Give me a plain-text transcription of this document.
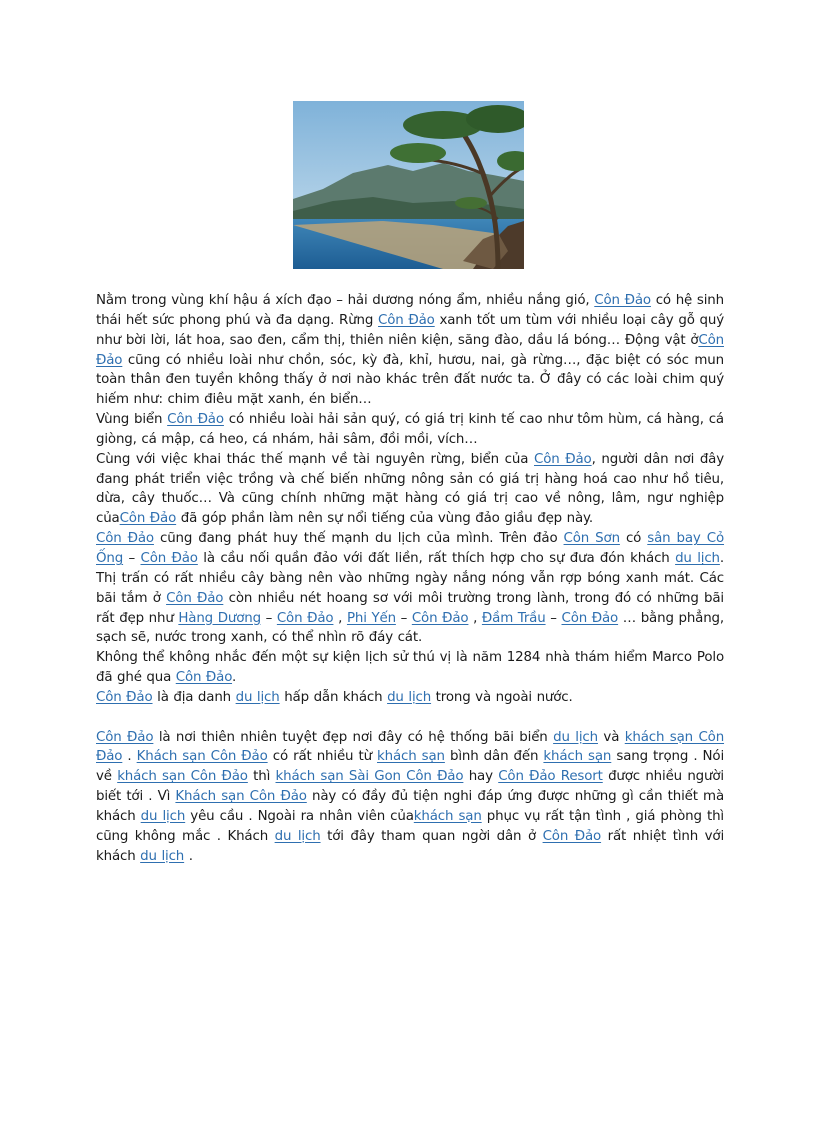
Nằm trong vùng khí hậu á xích đạo – hải dương nóng ẩm, nhiều nắng gió, Côn Đảo có hệ sinh thái hết sức phong phú và đa dạng. Rừng Côn Đảo xanh tốt um tùm với nhiều loại cây gỗ quý như bời lời, lát hoa, sao đen, cẩm thị, thiên niên kiện, săng đào, dầu lá bóng… Động vật ởCôn Đảo cũng có nhiều loài như chồn, sóc, kỳ đà, khỉ, hươu, nai, gà rừng…, đặc biệt có sóc mun toàn thân đen tuyền không thấy ở nơi nào khác trên đất nước ta. Ở đây có các loài chim quý hiếm như: chim điêu mặt xanh, én biển…

Vùng biển Côn Đảo có nhiều loài hải sản quý, có giá trị kinh tế cao như tôm hùm, cá hàng, cá giòng, cá mập, cá heo, cá nhám, hải sâm, đồi mồi, vích…

Cùng với việc khai thác thế mạnh về tài nguyên rừng, biển của Côn Đảo, người dân nơi đây đang phát triển việc trồng và chế biến những nông sản có giá trị hàng hoá cao như hồ tiêu, dừa, cây thuốc… Và cũng chính những mặt hàng có giá trị cao về nông, lâm, ngư nghiệp củaCôn Đảo đã góp phần làm nên sự nổi tiếng của vùng đảo giầu đẹp này.

Côn Đảo cũng đang phát huy thế mạnh du lịch của mình. Trên đảo Côn Sơn có sân bay Cỏ Ống – Côn Đảo là cầu nối quần đảo với đất liền, rất thích hợp cho sự đưa đón khách du lịch. Thị trấn có rất nhiều cây bàng nên vào những ngày nắng nóng vẫn rợp bóng xanh mát. Các bãi tắm ở Côn Đảo còn nhiều nét hoang sơ với môi trường trong lành, trong đó có những bãi rất đẹp như Hàng Dương – Côn Đảo , Phi Yến – Côn Đảo , Đầm Trầu – Côn Đảo … bằng phẳng, sạch sẽ, nước trong xanh, có thể nhìn rõ đáy cát.

Không thể không nhắc đến một sự kiện lịch sử thú vị là năm 1284 nhà thám hiểm Marco Polo đã ghé qua Côn Đảo.

Côn Đảo là địa danh du lịch hấp dẫn khách du lịch trong và ngoài nước.

Côn Đảo là nơi thiên nhiên tuyệt đẹp nơi đây có hệ thống bãi biển du lịch và khách sạn Côn Đảo . Khách sạn Côn Đảo có rất nhiều từ khách sạn bình dân đến khách sạn sang trọng . Nói về khách sạn Côn Đảo thì khách sạn Sài Gon Côn Đảo hay Côn Đảo Resort được nhiều người biết tới . Vì Khách sạn Côn Đảo này có đầy đủ tiện nghi đáp ứng được những gì cần thiết mà khách du lịch yêu cầu . Ngoài ra nhân viên củakhách sạn phục vụ rất tận tình , giá phòng thì cũng không mắc . Khách du lịch tới đây tham quan ngời dân ở Côn Đảo rất nhiệt tình với khách du lịch .
